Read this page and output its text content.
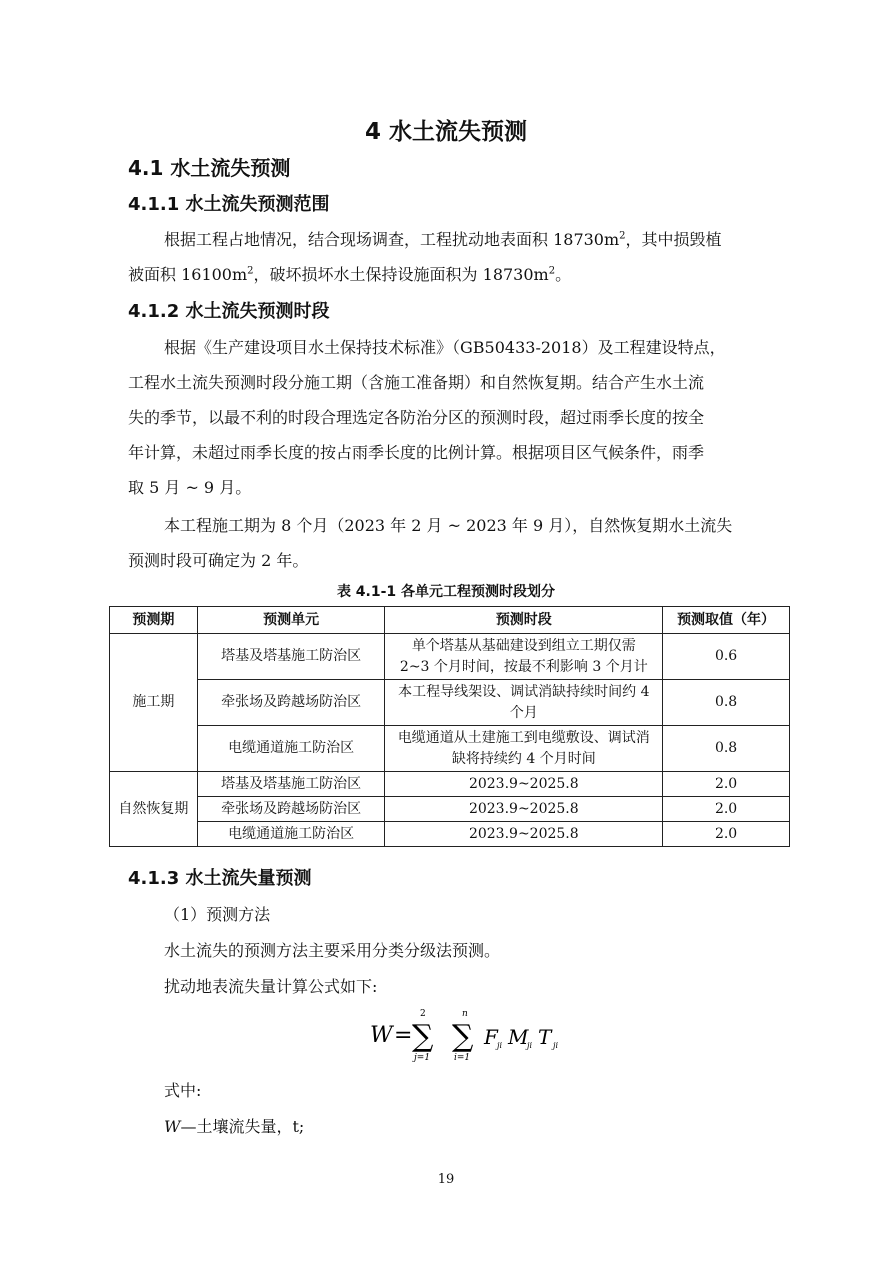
4 水土流失预测
4.1 水土流失预测
4.1.1 水土流失预测范围
根据工程占地情况，结合现场调查，工程扰动地表面积 $18730m^2$，其中损毁植
被面积 $16100m^2$，破坏损坏水土保持设施面积为 $18730m^2$。
4.1.2 水土流失预测时段
根据《生产建设项目水土保持技术标准》（GB50433-2018）及工程建设特点，
工程水土流失预测时段分施工期（含施工准备期）和自然恢复期。结合产生水土流
失的季节，以最不利的时段合理选定各防治分区的预测时段，超过雨季长度的按全
年计算，未超过雨季长度的按占雨季长度的比例计算。根据项目区气候条件，雨季
取 5 月 ~ 9 月。
本工程施工期为 8 个月（2023 年 2 月 ~ 2023 年 9 月），自然恢复期水土流失
预测时段可确定为 2 年。
表 4.1-1 各单元工程预测时段划分
预测期	预测单元	预测时段	预测取值（年）
施工期	塔基及塔基施工防治区	单个塔基从基础建设到组立工期仅需
2~3 个月时间，按最不利影响 3 个月计	0.6
	牵张场及跨越场防治区	本工程导线架设、调试消缺持续时间约 4
个月	0.8
	电缆通道施工防治区	电缆通道从土建施工到电缆敷设、调试消
缺将持续约 4 个月时间	0.8
自然恢复期	塔基及塔基施工防治区	2023.9~2025.8	2.0
	牵张场及跨越场防治区	2023.9~2025.8	2.0
	电缆通道施工防治区	2023.9~2025.8	2.0
4.1.3 水土流失量预测
（1）预测方法
水土流失的预测方法主要采用分类分级法预测。
扰动地表流失量计算公式如下:
W =
2
∑
j=1
n
∑
i=1
F ji M
ji T ji
式中:
W—土壤流失量，t;
19
